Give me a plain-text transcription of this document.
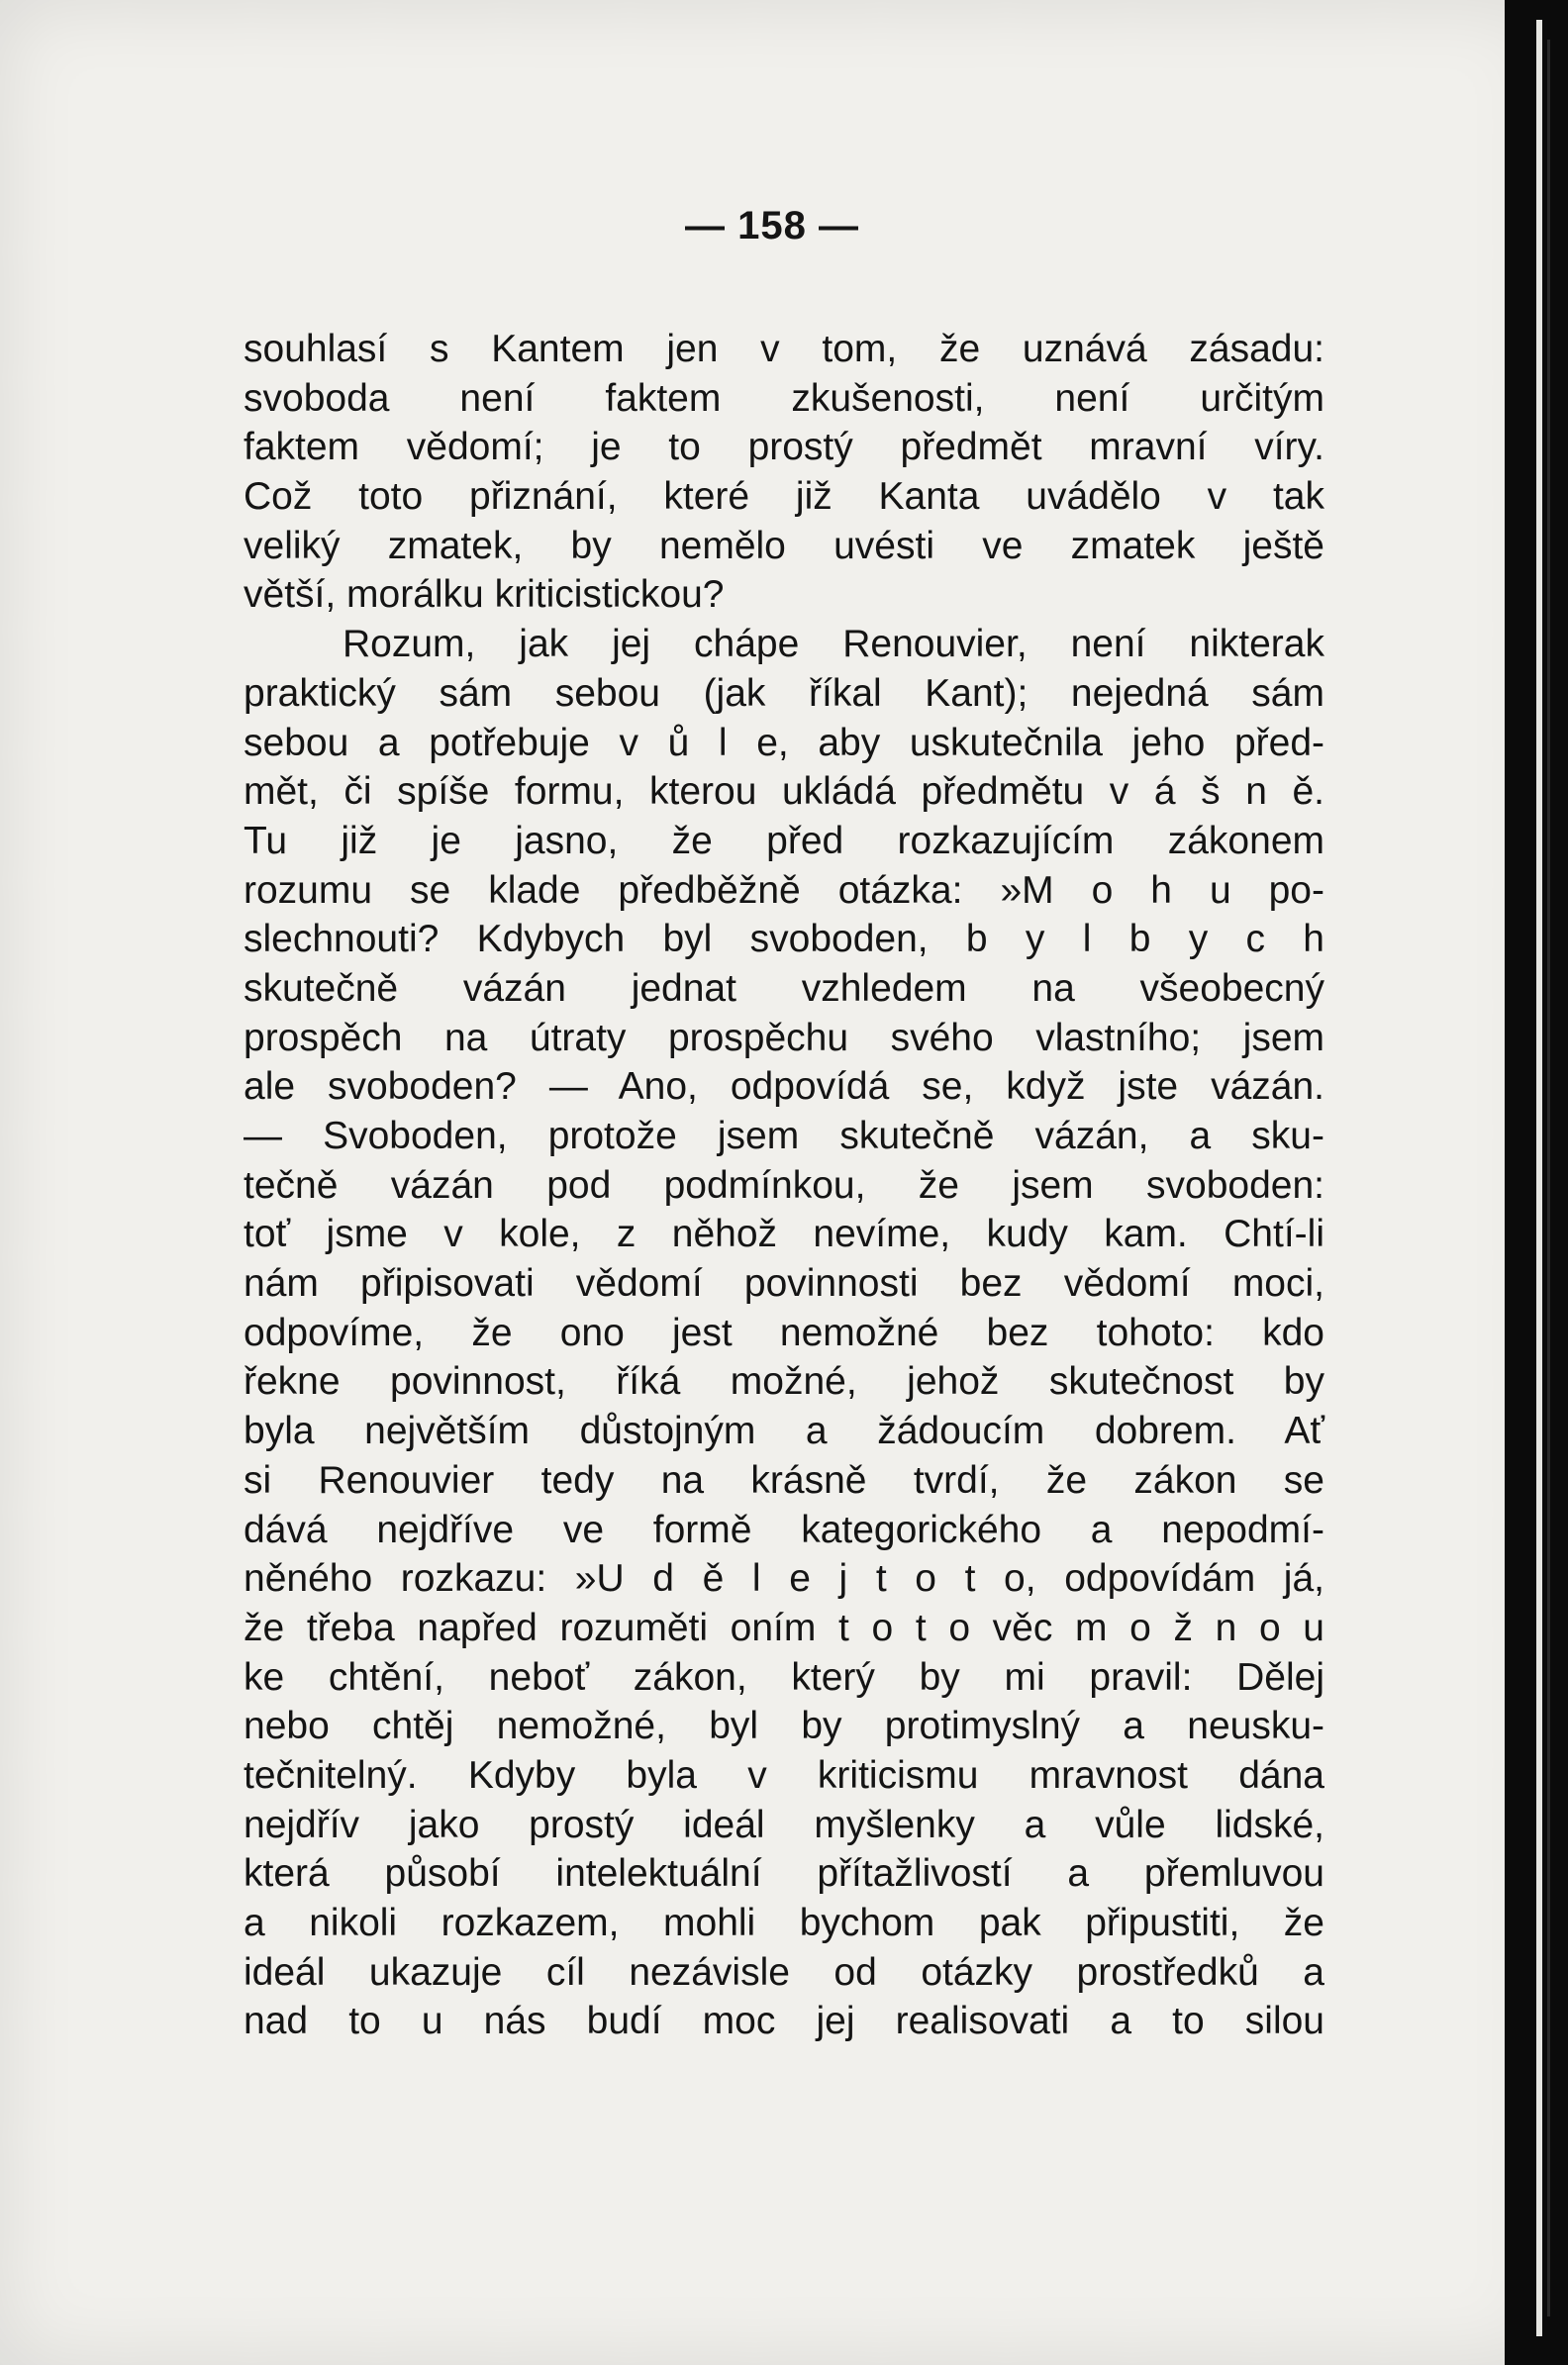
— 158 —
souhlasí s Kantem jen v tom, že uznává zásadu:
svoboda není faktem zkušenosti, není určitým
faktem vědomí; je to prostý předmět mravní víry.
Což toto přiznání, které již Kanta uvádělo v tak
veliký zmatek, by nemělo uvésti ve zmatek ještě
větší, morálku kriticistickou?
Rozum, jak jej chápe Renouvier, není nikterak
praktický sám sebou (jak říkal Kant); nejedná sám
sebou a potřebuje v ů l e, aby uskutečnila jeho před-
mět, či spíše formu, kterou ukládá předmětu v á š n ě.
Tu již je jasno, že před rozkazujícím zákonem
rozumu se klade předběžně otázka: »M o h u po-
slechnouti? Kdybych byl svoboden, b y l b y c h
skutečně vázán jednat vzhledem na všeobecný
prospěch na útraty prospěchu svého vlastního; jsem
ale svoboden? — Ano, odpovídá se, když jste vázán.
— Svoboden, protože jsem skutečně vázán, a sku-
tečně vázán pod podmínkou, že jsem svoboden:
toť jsme v kole, z něhož nevíme, kudy kam. Chtí-li
nám připisovati vědomí povinnosti bez vědomí moci,
odpovíme, že ono jest nemožné bez tohoto: kdo
řekne povinnost, říká možné, jehož skutečnost by
byla největším důstojným a žádoucím dobrem. Ať
si Renouvier tedy na krásně tvrdí, že zákon se
dává nejdříve ve formě kategorického a nepodmí-
něného rozkazu: »U d ě l e j t o t o, odpovídám já,
že třeba napřed rozuměti oním t o t o věc m o ž n o u
ke chtění, neboť zákon, který by mi pravil: Dělej
nebo chtěj nemožné, byl by protimyslný a neusku-
tečnitelný. Kdyby byla v kriticismu mravnost dána
nejdřív jako prostý ideál myšlenky a vůle lidské,
která působí intelektuální přítažlivostí a přemluvou
a nikoli rozkazem, mohli bychom pak připustiti, že
ideál ukazuje cíl nezávisle od otázky prostředků a
nad to u nás budí moc jej realisovati a to silou
